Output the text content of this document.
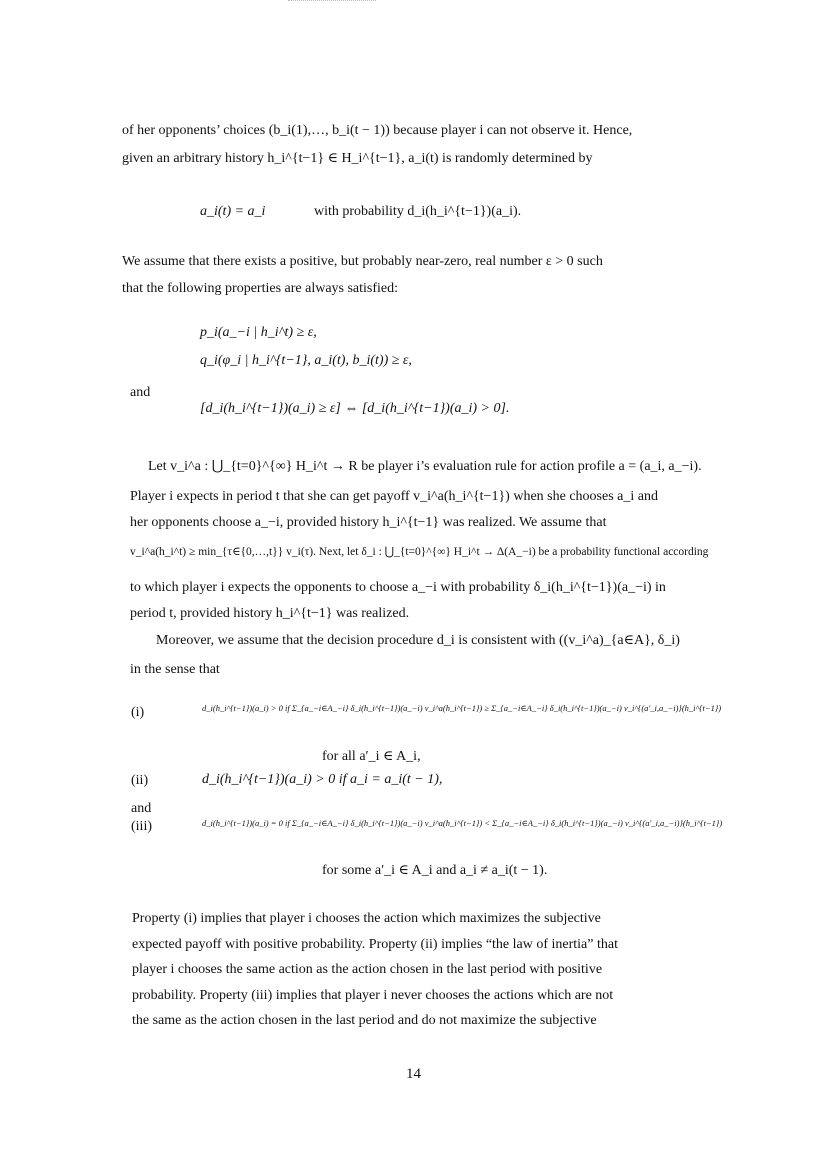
of her opponents’ choices (b_i(1),…, b_i(t − 1)) because player i can not observe it. Hence,
given an arbitrary history h_i^{t−1} ∈ H_i^{t−1}, a_i(t) is randomly determined by
a_i(t) = a_i	with probability d_i(h_i^{t−1})(a_i).
We assume that there exists a positive, but probably near-zero, real number ε > 0 such
that the following properties are always satisfied:
p_i(a_−i | h_i^t) ≥ ε,
q_i(φ_i | h_i^{t−1}, a_i(t), b_i(t)) ≥ ε,
and
[d_i(h_i^{t−1})(a_i) ≥ ε] ⇔ [d_i(h_i^{t−1})(a_i) > 0].
Let v_i^a : ⋃_{t=0}^{∞} H_i^t → R be player i’s evaluation rule for action profile a = (a_i, a_−i).
Player i expects in period t that she can get payoff v_i^a(h_i^{t−1}) when she chooses a_i and
her opponents choose a_−i, provided history h_i^{t−1} was realized. We assume that
v_i^a(h_i^t) ≥ min_{τ∈{0,…,t}} v_i(τ). Next, let δ_i : ⋃_{t=0}^{∞} H_i^t → Δ(A_−i) be a probability functional according
to which player i expects the opponents to choose a_−i with probability δ_i(h_i^{t−1})(a_−i) in
period t, provided history h_i^{t−1} was realized.
Moreover, we assume that the decision procedure d_i is consistent with ((v_i^a)_{a∈A}, δ_i)
in the sense that
(i)	d_i(h_i^{t−1})(a_i) > 0 if Σ_{a_−i∈A_−i} δ_i(h_i^{t−1})(a_−i) v_i^a(h_i^{t−1}) ≥ Σ_{a_−i∈A_−i} δ_i(h_i^{t−1})(a_−i) v_i^{(a′_i,a_−i)}(h_i^{t−1})
for all a′_i ∈ A_i,
(ii)	d_i(h_i^{t−1})(a_i) > 0 if a_i = a_i(t − 1),
and
(iii)	d_i(h_i^{t−1})(a_i) = 0 if Σ_{a_−i∈A_−i} δ_i(h_i^{t−1})(a_−i) v_i^a(h_i^{t−1}) < Σ_{a_−i∈A_−i} δ_i(h_i^{t−1})(a_−i) v_i^{(a′_i,a_−i)}(h_i^{t−1})
for some a′_i ∈ A_i and a_i ≠ a_i(t − 1).
Property (i) implies that player i chooses the action which maximizes the subjective
expected payoff with positive probability. Property (ii) implies “the law of inertia” that
player i chooses the same action as the action chosen in the last period with positive
probability. Property (iii) implies that player i never chooses the actions which are not
the same as the action chosen in the last period and do not maximize the subjective
14
